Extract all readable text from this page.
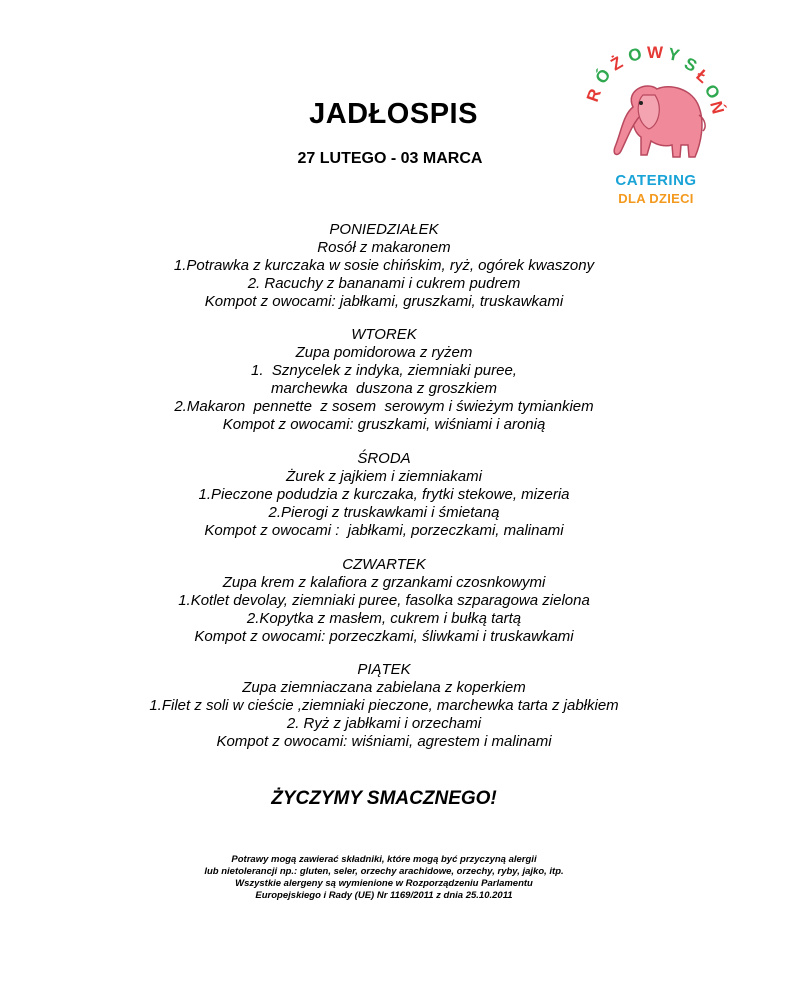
JADŁOSPIS
27 LUTEGO - 03 MARCA
R
Ó
Ż O W Y S
Ł
O
Ń
CATERING
DLA DZIECI
PONIEDZIAŁEK
Rosół z makaronem
1.Potrawka z kurczaka w sosie chińskim, ryż, ogórek kwaszony
2. Racuchy z bananami i cukrem pudrem
Kompot z owocami: jabłkami, gruszkami, truskawkami
WTOREK
Zupa pomidorowa z ryżem
1.  Sznycelek z indyka, ziemniaki puree,
marchewka  duszona z groszkiem
2.Makaron  pennette  z sosem  serowym i świeżym tymiankiem
Kompot z owocami: gruszkami, wiśniami i aronią
ŚRODA
Żurek z jajkiem i ziemniakami
1.Pieczone podudzia z kurczaka, frytki stekowe, mizeria
2.Pierogi z truskawkami i śmietaną
Kompot z owocami :  jabłkami, porzeczkami, malinami
CZWARTEK
Zupa krem z kalafiora z grzankami czosnkowymi
1.Kotlet devolay, ziemniaki puree, fasolka szparagowa zielona
2.Kopytka z masłem, cukrem i bułką tartą
Kompot z owocami: porzeczkami, śliwkami i truskawkami
PIĄTEK
Zupa ziemniaczana zabielana z koperkiem
1.Filet z soli w cieście ,ziemniaki pieczone, marchewka tarta z jabłkiem
2. Ryż z jabłkami i orzechami
Kompot z owocami: wiśniami, agrestem i malinami
ŻYCZYMY SMACZNEGO!
Potrawy mogą zawierać składniki, które mogą być przyczyną alergii
lub nietolerancji np.: gluten, seler, orzechy arachidowe, orzechy, ryby, jajko, itp.
Wszystkie alergeny są wymienione w Rozporządzeniu Parlamentu
Europejskiego i Rady (UE) Nr 1169/2011 z dnia 25.10.2011
